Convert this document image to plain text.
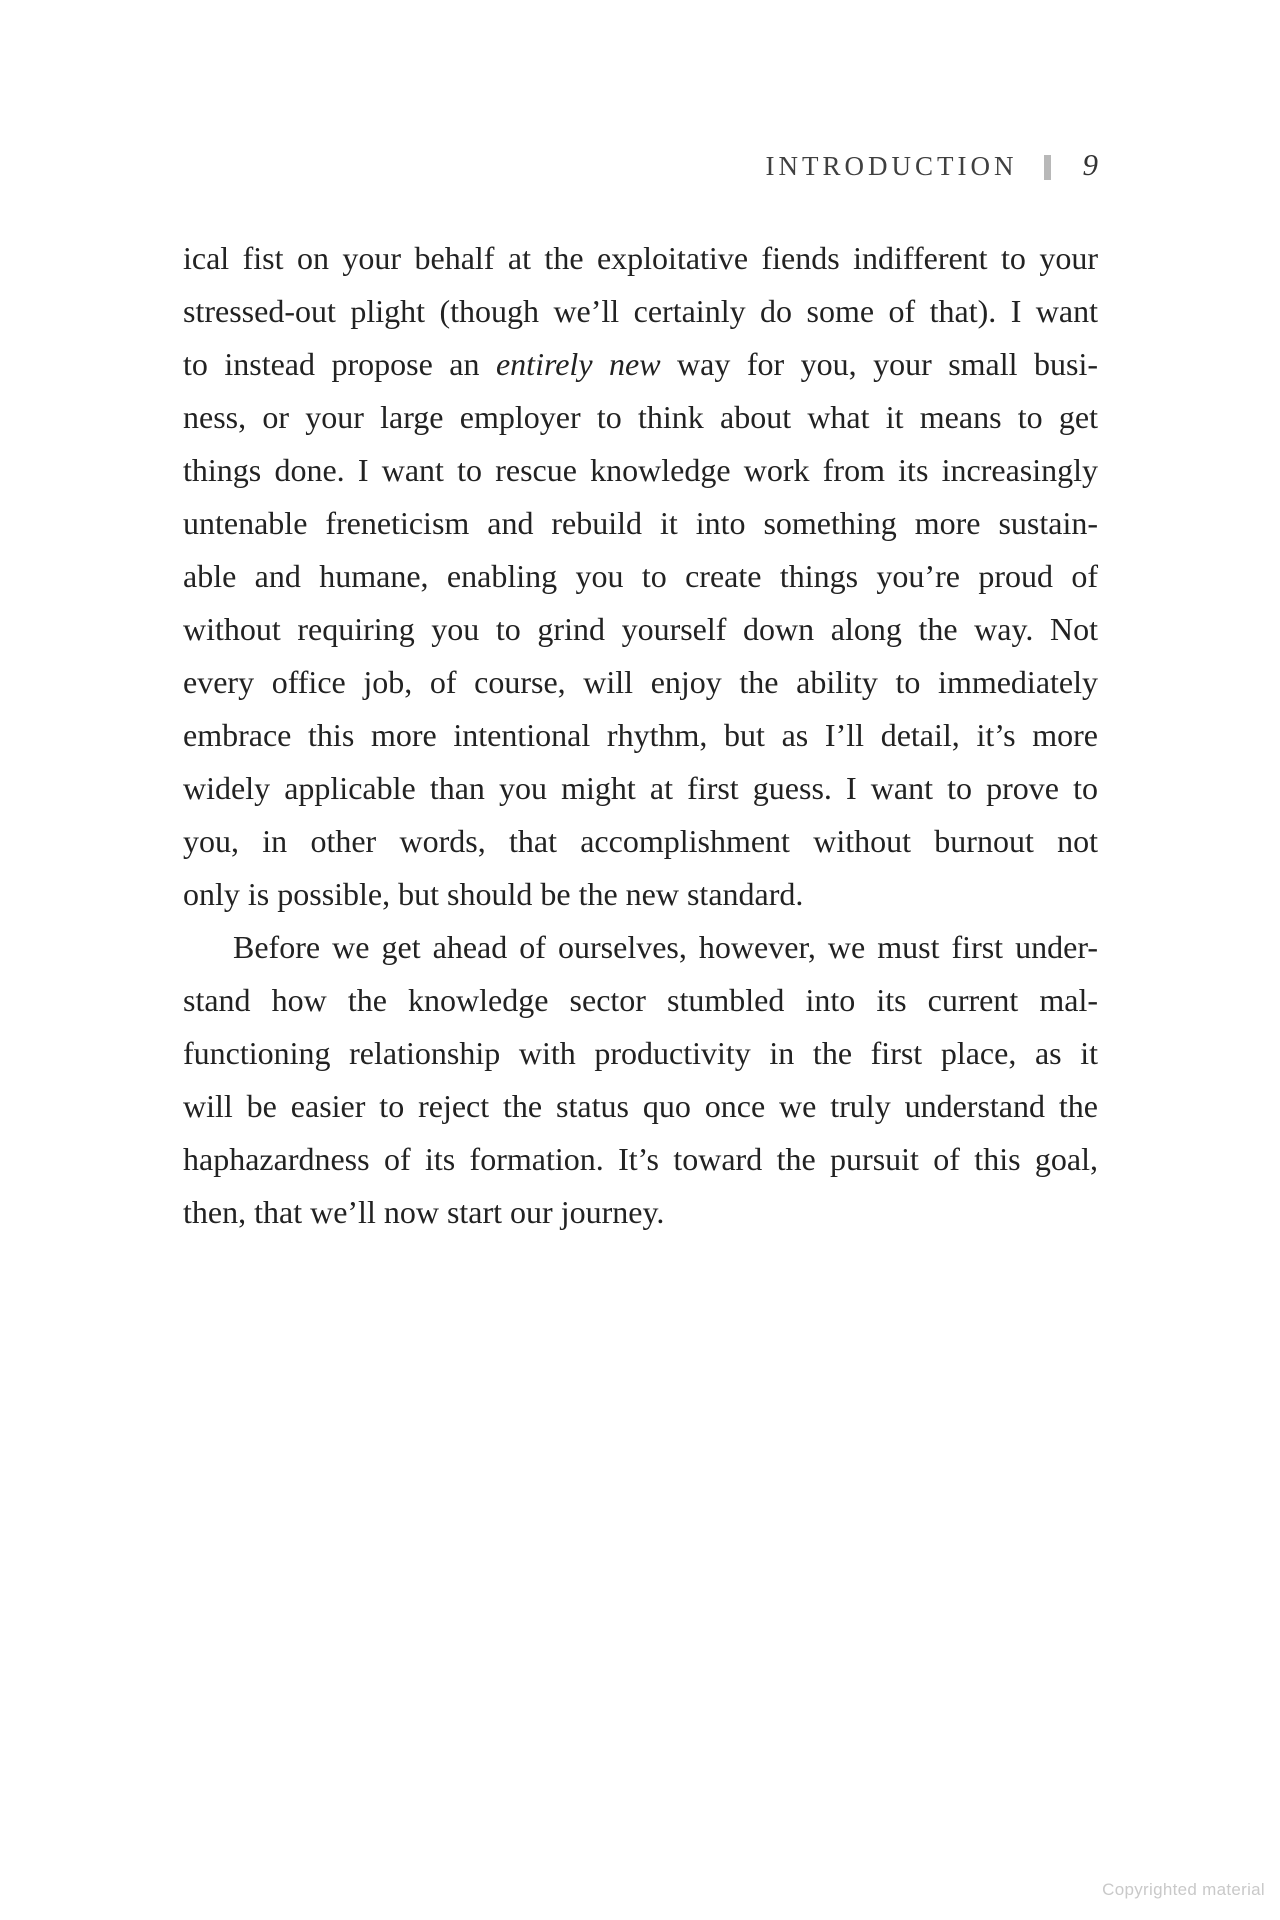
INTRODUCTION 9
ical fist on your behalf at the exploitative fiends indifferent to your
stressed-out plight (though we’ll certainly do some of that). I want
to instead propose an entirely new way for you, your small busi-
ness, or your large employer to think about what it means to get
things done. I want to rescue knowledge work from its increasingly
untenable freneticism and rebuild it into something more sustain-
able and humane, enabling you to create things you’re proud of
without requiring you to grind yourself down along the way. Not
every office job, of course, will enjoy the ability to immediately
embrace this more intentional rhythm, but as I’ll detail, it’s more
widely applicable than you might at first guess. I want to prove to
you, in other words, that accomplishment without burnout not
only is possible, but should be the new standard.
Before we get ahead of ourselves, however, we must first under-
stand how the knowledge sector stumbled into its current mal-
functioning relationship with productivity in the first place, as it
will be easier to reject the status quo once we truly understand the
haphazardness of its formation. It’s toward the pursuit of this goal,
then, that we’ll now start our journey.
Copyrighted material
